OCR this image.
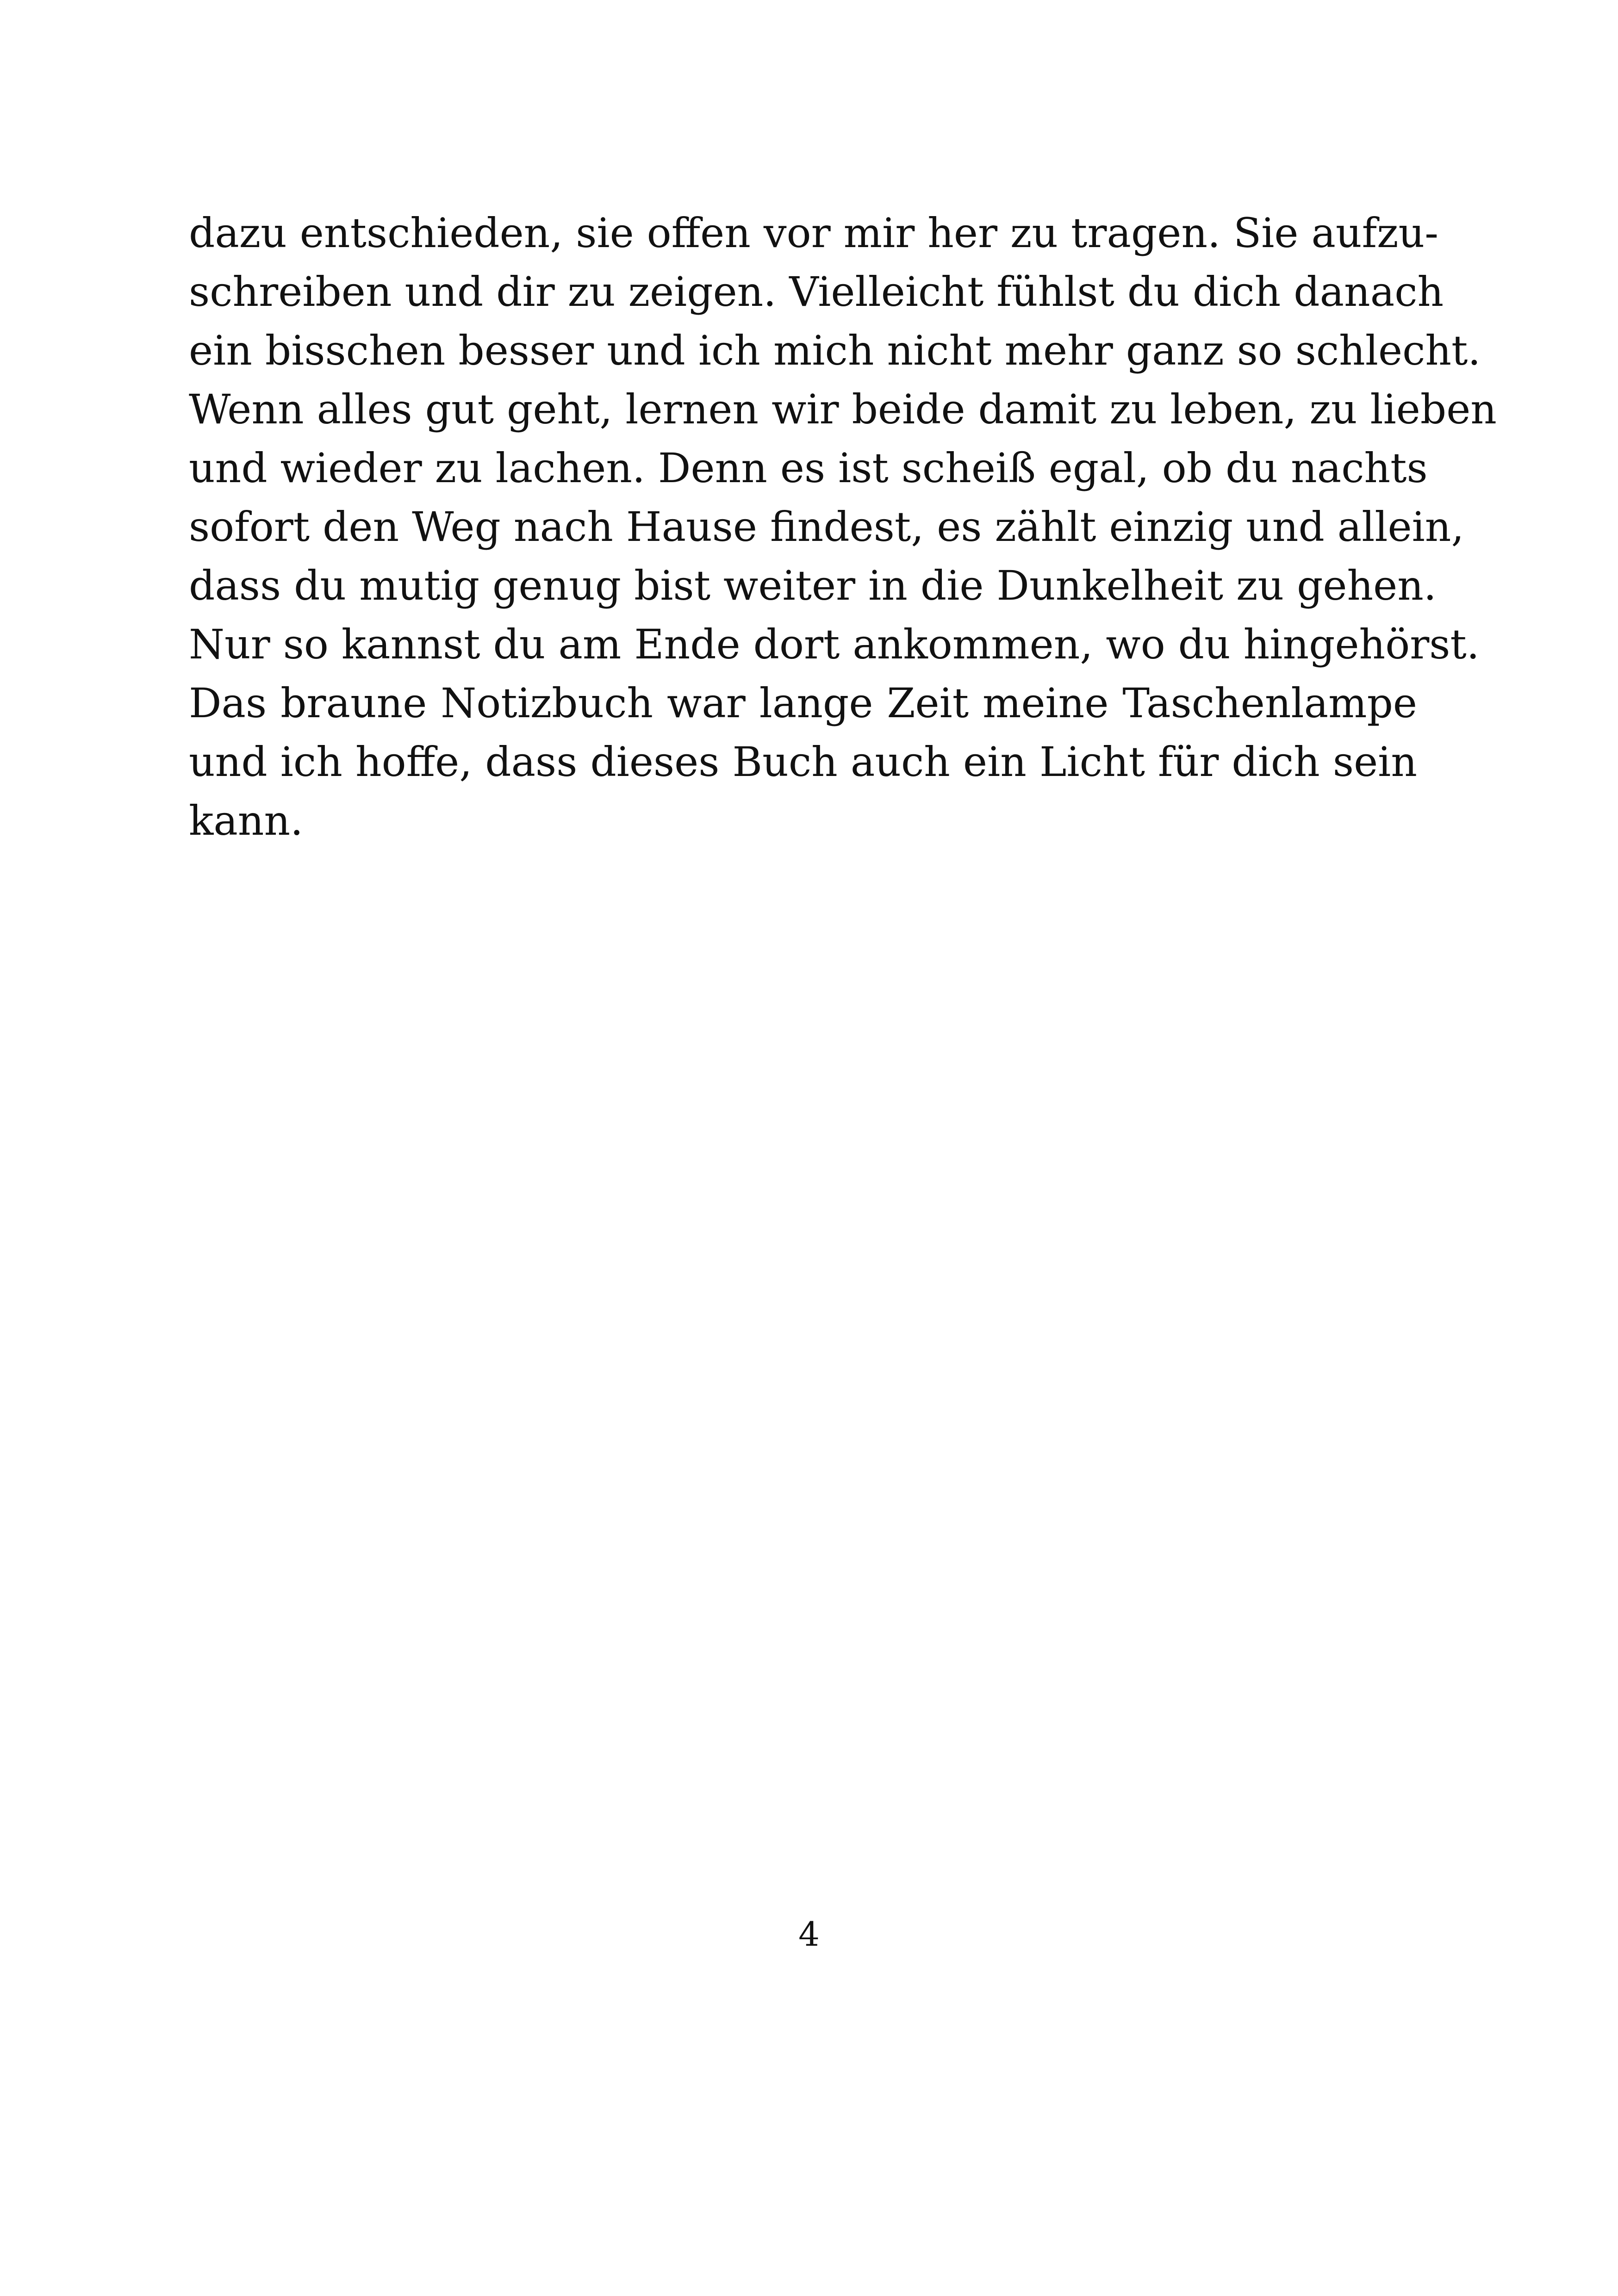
dazu entschieden, sie offen vor mir her zu tragen. Sie aufzu-
schreiben und dir zu zeigen. Vielleicht fühlst du dich danach
ein bisschen besser und ich mich nicht mehr ganz so schlecht.
Wenn alles gut geht, lernen wir beide damit zu leben, zu lieben
und wieder zu lachen. Denn es ist scheiß egal, ob du nachts
sofort den Weg nach Hause findest, es zählt einzig und allein,
dass du mutig genug bist weiter in die Dunkelheit zu gehen.
Nur so kannst du am Ende dort ankommen, wo du hingehörst.
Das braune Notizbuch war lange Zeit meine Taschenlampe
und ich hoffe, dass dieses Buch auch ein Licht für dich sein
kann.
4
